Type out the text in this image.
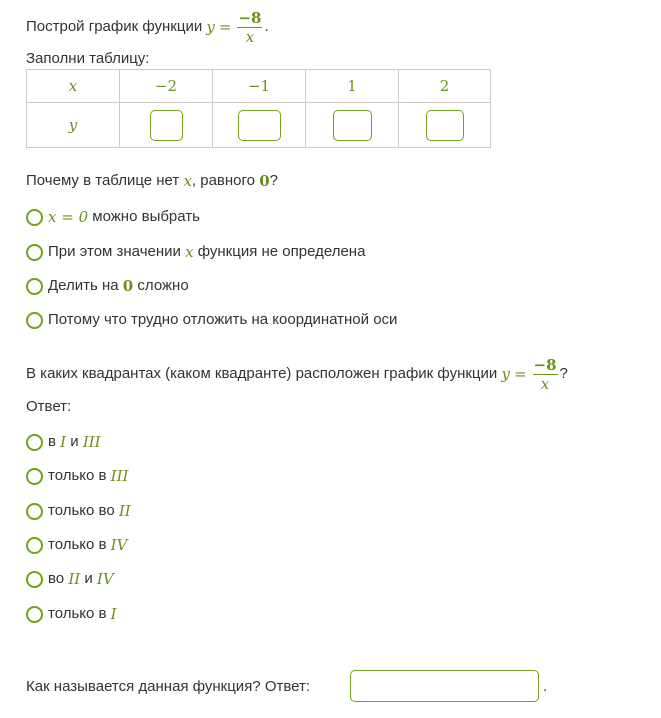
Построй график функции
$y = \frac{-8}{x}$ .
Заполни таблицу:
x	−2	−1	1	2
y				
Почему в таблице нет
x , равного
0 ?
x = 0
можно выбрать
При этом значении
x
функция не определена
Делить на
0
сложно
Потому что трудно отложить на координатной оси
В каких квадрантах (каком квадранте) расположен график функции
$y = \frac{-8}{x}$ ?
Ответ:
в
I
и
III
только в
III
только во
II
только в
IV
во
II
и
IV
только в
I
Как называется данная функция? Ответ:	.
